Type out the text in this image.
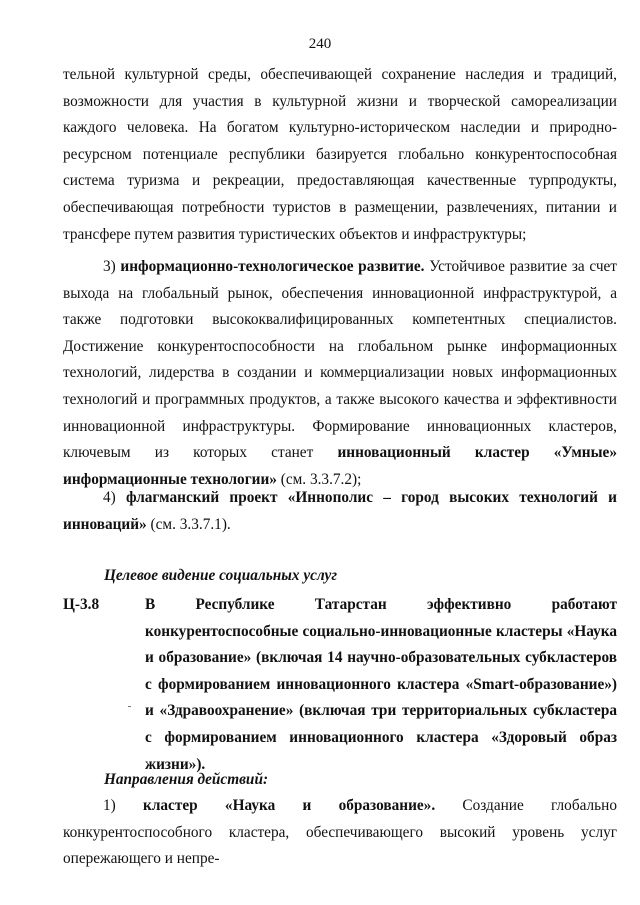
240

тельной культурной среды, обеспечивающей сохранение наследия и традиций, возможности для участия в культурной жизни и творческой самореализации каждого человека. На богатом культурно-историческом наследии и природно-ресурсном потенциале республики базируется глобально конкурентоспособная система туризма и рекреации, предоставляющая качественные турпродукты, обеспечивающая потребности туристов в размещении, развлечениях, питании и трансфере путем развития туристических объектов и инфраструктуры;

3) информационно-технологическое развитие. Устойчивое развитие за счет выхода на глобальный рынок, обеспечения инновационной инфраструктурой, а также подготовки высококвалифицированных компетентных специалистов. Достижение конкурентоспособности на глобальном рынке информационных технологий, лидерства в создании и коммерциализации новых информационных технологий и программных продуктов, а также высокого качества и эффективности инновационной инфраструктуры. Формирование инновационных кластеров, ключевым из которых станет инновационный кластер «Умные» информационные технологии» (см. 3.3.7.2);

4) флагманский проект «Иннополис – город высоких технологий и инноваций» (см. 3.3.7.1).

Целевое видение социальных услуг
Ц-3.8	В Республике Татарстан эффективно работают конкурентоспособные социально-инновационные кластеры «Наука и образование» (включая 14 научно-образовательных субкластеров с формированием инновационного кластера «Smart-образование») и «Здравоохранение» (включая три территориальных субкластера с формированием инновационного кластера «Здоровый образ жизни»).

Направления действий:

1) кластер «Наука и образование». Создание глобально конкурентоспособного кластера, обеспечивающего высокий уровень услуг опережающего и непре-
